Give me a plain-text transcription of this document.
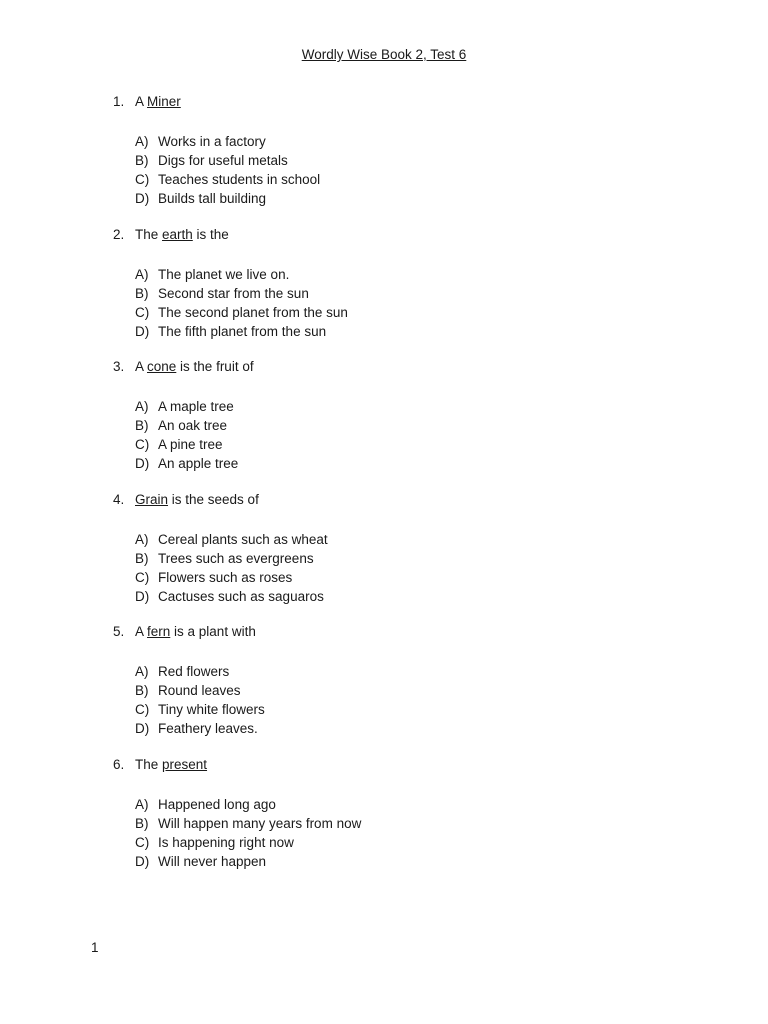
Wordly Wise Book 2, Test 6
1. A Miner
A) Works in a factory
B) Digs for useful metals
C) Teaches students in school
D) Builds tall building
2. The earth is the
A) The planet we live on.
B) Second star from the sun
C) The second planet from the sun
D) The fifth planet from the sun
3. A cone is the fruit of
A) A maple tree
B) An oak tree
C) A pine tree
D) An apple tree
4. Grain is the seeds of
A) Cereal plants such as wheat
B) Trees such as evergreens
C) Flowers such as roses
D) Cactuses such as saguaros
5. A fern is a plant with
A) Red flowers
B) Round leaves
C) Tiny white flowers
D) Feathery leaves.
6. The present
A) Happened long ago
B) Will happen many years from now
C) Is happening right now
D) Will never happen
1
